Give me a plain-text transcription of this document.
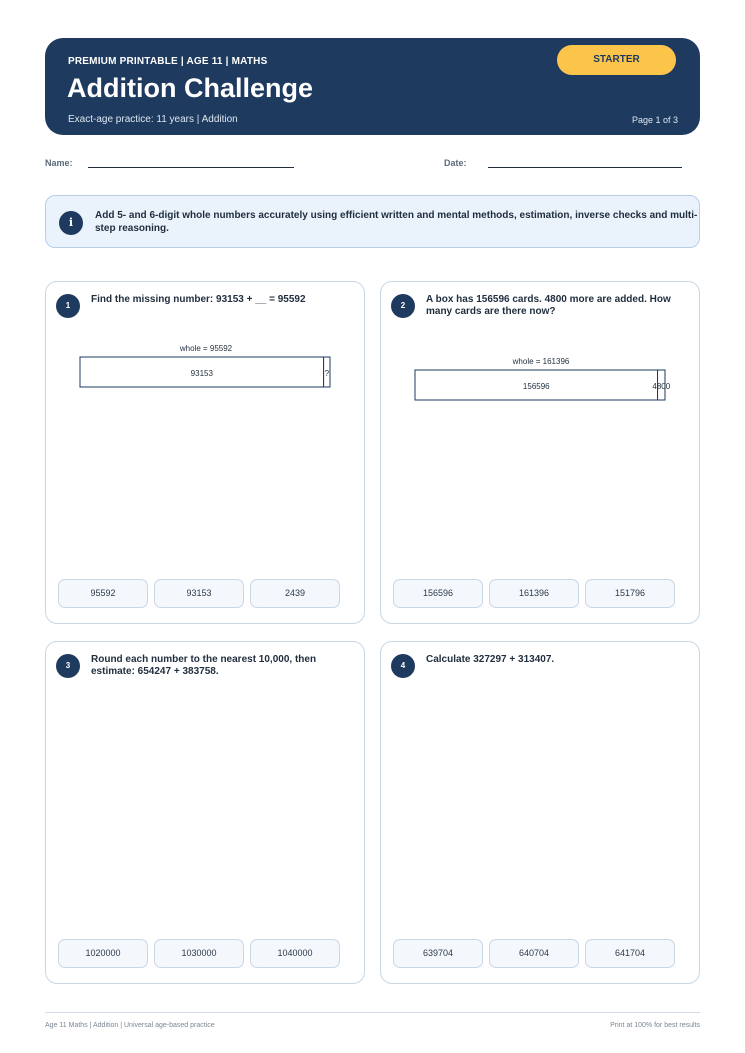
PREMIUM PRINTABLE | AGE 11 | MATHS
Addition Challenge
Exact-age practice: 11 years | Addition	Page 1 of 3
STARTER
Name:	Date:
i
Add 5- and 6-digit whole numbers accurately using efficient written and mental methods, estimation, inverse checks and multi-step reasoning.
1
Find the missing number: 93153 + __ = 95592
whole = 95592
93153	?
95592	93153	2439
2
A box has 156596 cards. 4800 more are added. How many cards are there now?
whole = 161396
156596	4800
156596	161396	151796
3
Round each number to the nearest 10,000, then estimate: 654247 + 383758.
1020000	1030000	1040000
4
Calculate 327297 + 313407.
639704	640704	641704
Age 11 Maths | Addition | Universal age-based practice	Print at 100% for best results
